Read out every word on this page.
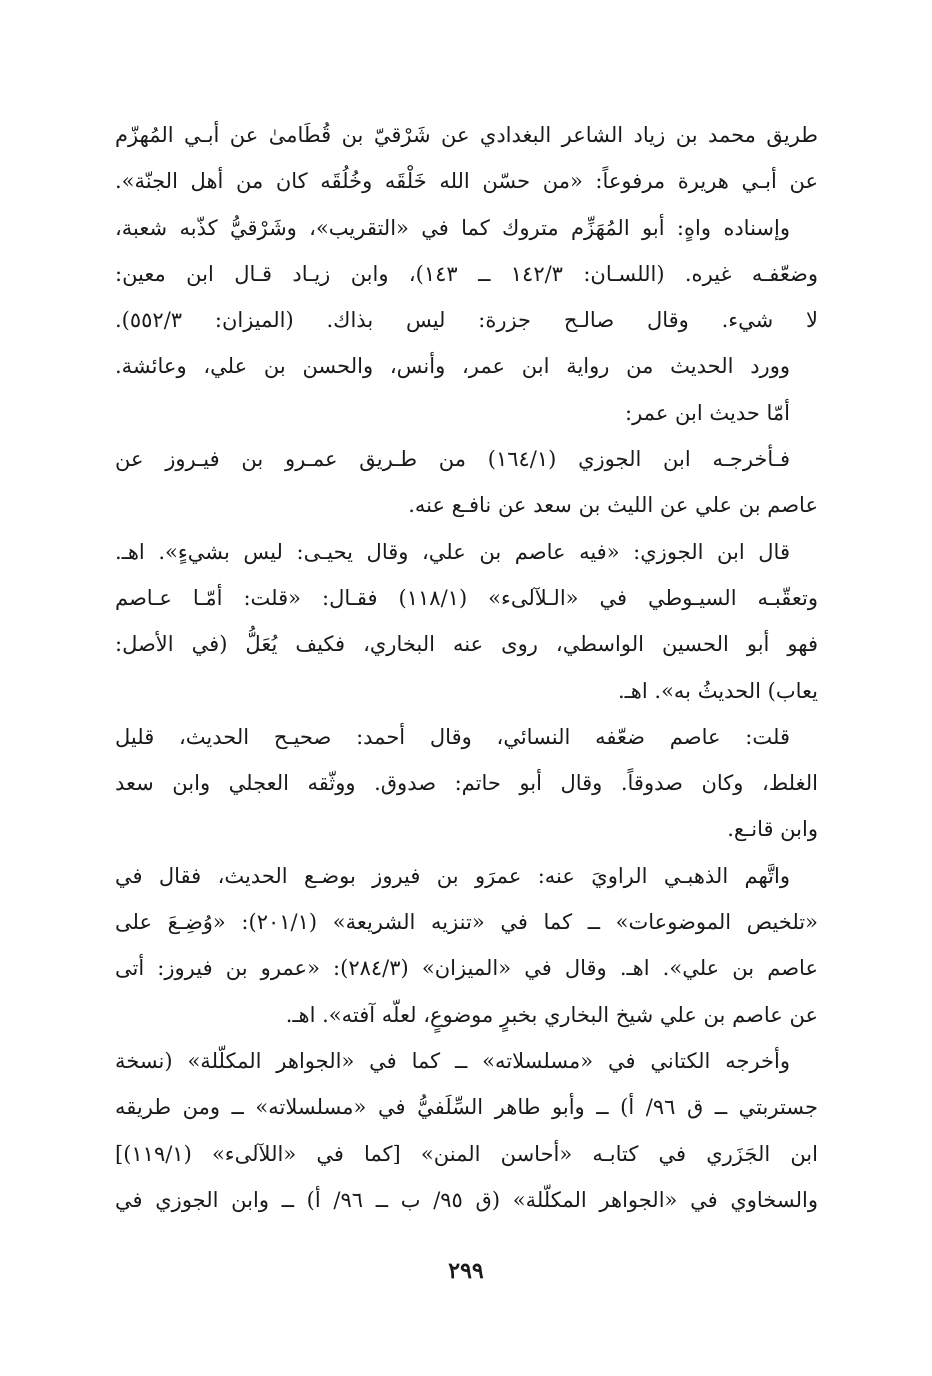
طريق محمد بن زياد الشاعر البغدادي عن شَرْقيّ بن قُطَامىٰ عن أبـي المُهزّم
عن أبـي هريرة مرفوعاً: «من حسّن الله خَلْقَه وخُلُقَه كان من أهل الجنّة».
وإسناده واهٍ: أبو المُهَزِّم متروك كما في «التقريب»، وشَرْقيُّ كذّبه شعبة،
وضعّفـه غيره. (اللسـان: ١٤٢/٣ ــ ١٤٣)، وابن زيـاد قـال ابن معين:
لا شيء. وقال صالـح جزرة: ليس بذاك. (الميزان: ٥٥٢/٣).
وورد الحديث من رواية ابن عمر، وأنس، والحسن بن علي، وعائشة.
أمّا حديث ابن عمر:
فـأخرجـه ابن الجوزي (١٦٤/١) من طـريق عمـرو بن فيـروز عن
عاصم بن علي عن الليث بن سعد عن نافـع عنه.
قال ابن الجوزي: «فيه عاصم بن علي، وقال يحيـى: ليس بشيءٍ». اهـ.
وتعقّبـه السيـوطي في «الـلآلىء» (١١٨/١) فقـال: «قلت: أمّـا عـاصم
فهو أبو الحسين الواسطي، روى عنه البخاري، فكيف يُعَلُّ (في الأصل:
يعاب) الحديثُ به». اهـ.
قلت: عاصم ضعّفه النسائي، وقال أحمد: صحيـح الحديث، قليل
الغلط، وكان صدوقاً. وقال أبو حاتم: صدوق. ووثّقه العجلي وابن سعد
وابن قانـع.
واتَّهم الذهبـي الراويَ عنه: عمرَو بن فيروز بوضـع الحديث، فقال في
«تلخيص الموضوعات» ــ كما في «تنزيه الشريعة» (٢٠١/١): «وُضِـعَ على
عاصم بن علي». اهـ. وقال في «الميزان» (٢٨٤/٣): «عمرو بن فيروز: أتى
عن عاصم بن علي شيخ البخاري بخبرٍ موضوعٍ، لعلّه آفته». اهـ.
وأخرجه الكتاني في «مسلسلاته» ــ كما في «الجواهر المكلّلة» (نسخة
جستربتي ــ ق ٩٦/ أ) ــ وأبو طاهر السِّلَفيُّ في «مسلسلاته» ــ ومن طريقه
ابن الجَزَري في كتابـه «أحاسن المنن» [كما في «اللآلىء» (١١٩/١)]
والسخاوي في «الجواهر المكلّلة» (ق ٩٥/ ب ــ ٩٦/ أ) ــ وابن الجوزي في
٢٩٩
